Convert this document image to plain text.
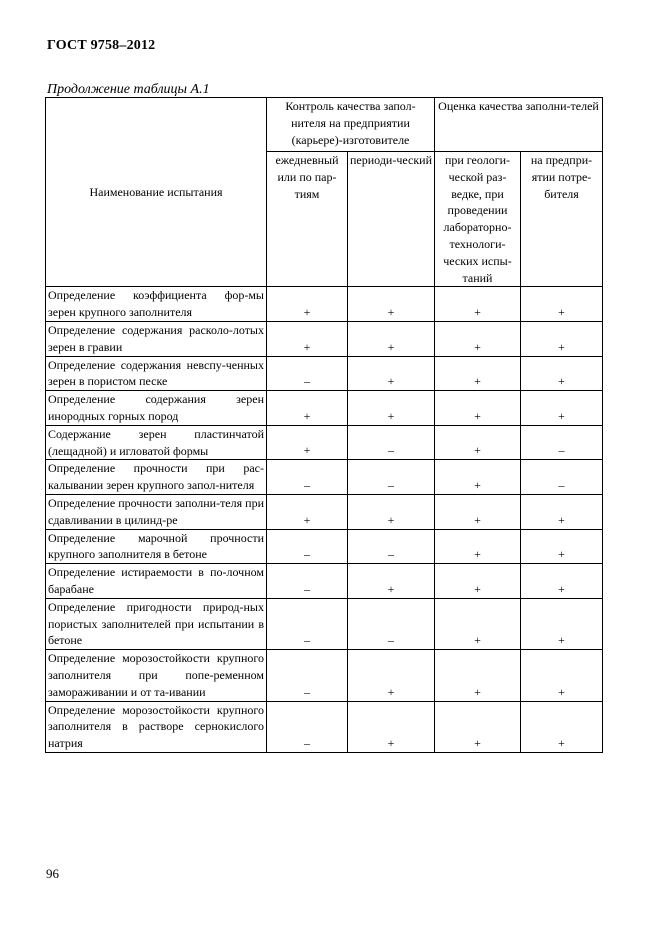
ГОСТ 9758–2012
Продолжение таблицы А.1
Наименование испытания	Контроль качества запол-нителя на предприятии (карьере)-изготовителе		Оценка качества заполни-телей	
	ежедневный или по пар-тиям	периоди-ческий	при геологи-ческой раз-ведке, при проведении лабораторно-технологи-ческих испы-таний	на предпри-ятии потре-бителя
Определение коэффициента фор-мы зерен крупного заполнителя	+	+	+	+
Определение содержания расколо-лотых зерен в гравии	+	+	+	+
Определение содержания невспу-ченных зерен в пористом песке	–	+	+	+
Определение содержания зерен инородных горных пород	+	+	+	+
Содержание зерен пластинчатой (лещадной) и игловатой формы	+	–	+	–
Определение прочности при рас-калывании зерен крупного запол-нителя	–	–	+	–
Определение прочности заполни-теля при сдавливании в цилинд-ре	+	+	+	+
Определение марочной прочности крупного заполнителя в бетоне	–	–	+	+
Определение истираемости в по-лочном барабане	–	+	+	+
Определение пригодности природ-ных пористых заполнителей при испытании в бетоне	–	–	+	+
Определение морозостойкости крупного заполнителя при попе-ременном замораживании и от та-ивании	–	+	+	+
Определение морозостойкости крупного заполнителя в растворе сернокислого натрия	–	+	+	+
96
